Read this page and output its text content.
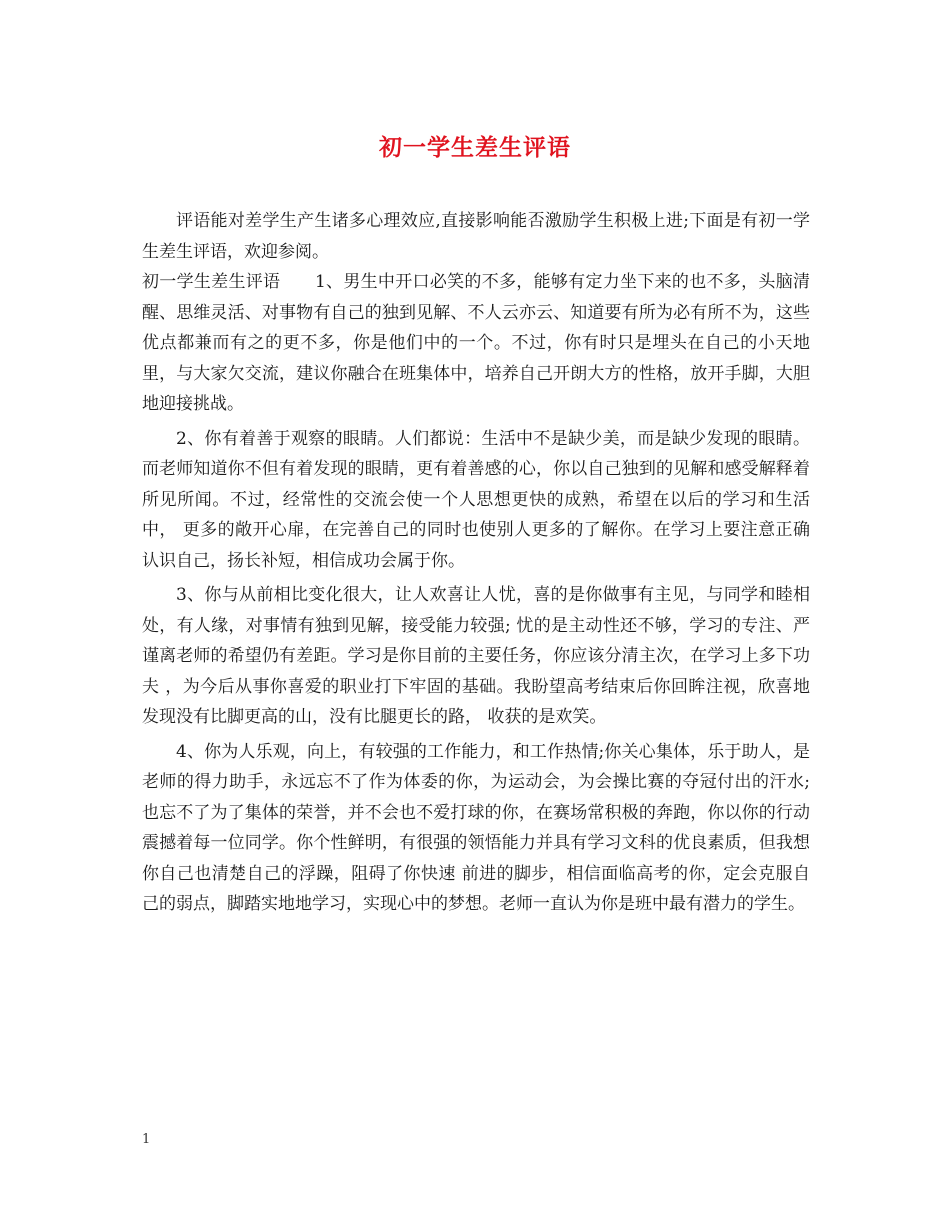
初一学生差生评语

评语能对差学生产生诸多心理效应,直接影响能否激励学生积极上进;下面是有初一学生差生评语，欢迎参阅。

初一学生差生评语　　1、男生中开口必笑的不多，能够有定力坐下来的也不多，头脑清醒、思维灵活、对事物有自己的独到见解、不人云亦云、知道要有所为必有所不为，这些优点都兼而有之的更不多，你是他们中的一个。不过，你有时只是埋头在自己的小天地里，与大家欠交流，建议你融合在班集体中，培养自己开朗大方的性格，放开手脚，大胆地迎接挑战。

2、你有着善于观察的眼睛。人们都说：生活中不是缺少美，而是缺少发现的眼睛。而老师知道你不但有着发现的眼睛，更有着善感的心，你以自己独到的见解和感受解释着所见所闻。不过，经常性的交流会使一个人思想更快的成熟，希望在以后的学习和生活中， 更多的敞开心扉，在完善自己的同时也使别人更多的了解你。在学习上要注意正确认识自己，扬长补短，相信成功会属于你。

3、你与从前相比变化很大，让人欢喜让人忧，喜的是你做事有主见，与同学和睦相处，有人缘，对事情有独到见解，接受能力较强; 忧的是主动性还不够，学习的专注、严谨离老师的希望仍有差距。学习是你目前的主要任务，你应该分清主次，在学习上多下功夫 ，为今后从事你喜爱的职业打下牢固的基础。我盼望高考结束后你回眸注视，欣喜地发现没有比脚更高的山，没有比腿更长的路， 收获的是欢笑。

4、你为人乐观，向上，有较强的工作能力，和工作热情;你关心集体，乐于助人，是老师的得力助手，永远忘不了作为体委的你，为运动会，为会操比赛的夺冠付出的汗水;也忘不了为了集体的荣誉，并不会也不爱打球的你，在赛场常积极的奔跑，你以你的行动 震撼着每一位同学。你个性鲜明，有很强的领悟能力并具有学习文科的优良素质，但我想你自己也清楚自己的浮躁，阻碍了你快速 前进的脚步，相信面临高考的你，定会克服自己的弱点，脚踏实地地学习，实现心中的梦想。老师一直认为你是班中最有潜力的学生。

1
